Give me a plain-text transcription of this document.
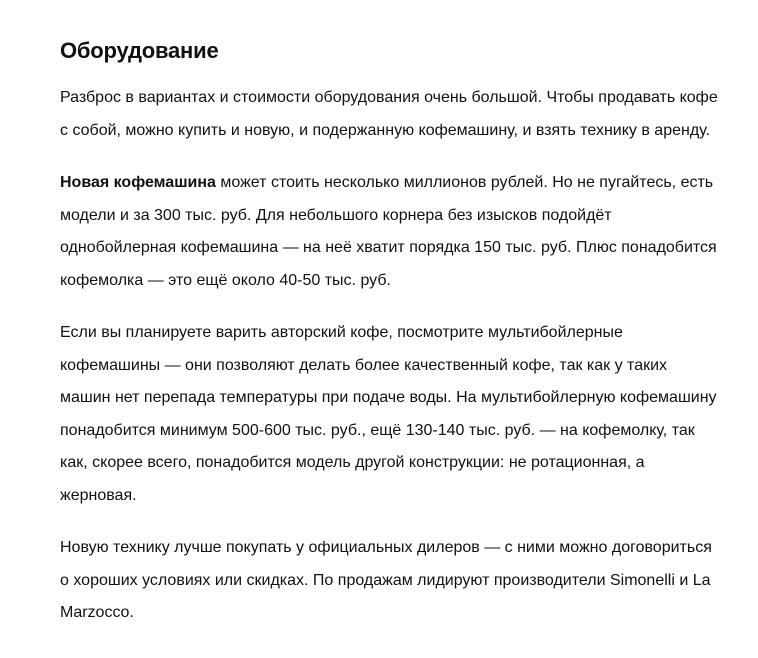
Оборудование

Разброс в вариантах и стоимости оборудования очень большой. Чтобы продавать кофе с собой, можно купить и новую, и подержанную кофемашину, и взять технику в аренду.

Новая кофемашина может стоить несколько миллионов рублей. Но не пугайтесь, есть модели и за 300 тыс. руб. Для небольшого корнера без изысков подойдёт однобойлерная кофемашина — на неё хватит порядка 150 тыс. руб. Плюс понадобится кофемолка — это ещё около 40-50 тыс. руб.

Если вы планируете варить авторский кофе, посмотрите мультибойлерные кофемашины — они позволяют делать более качественный кофе, так как у таких машин нет перепада температуры при подаче воды. На мультибойлерную кофемашину понадобится минимум 500-600 тыс. руб., ещё 130-140 тыс. руб. — на кофемолку, так как, скорее всего, понадобится модель другой конструкции: не ротационная, а жерновая.

Новую технику лучше покупать у официальных дилеров — с ними можно договориться о хороших условиях или скидках. По продажам лидируют производители Simonelli и La Marzocco.
